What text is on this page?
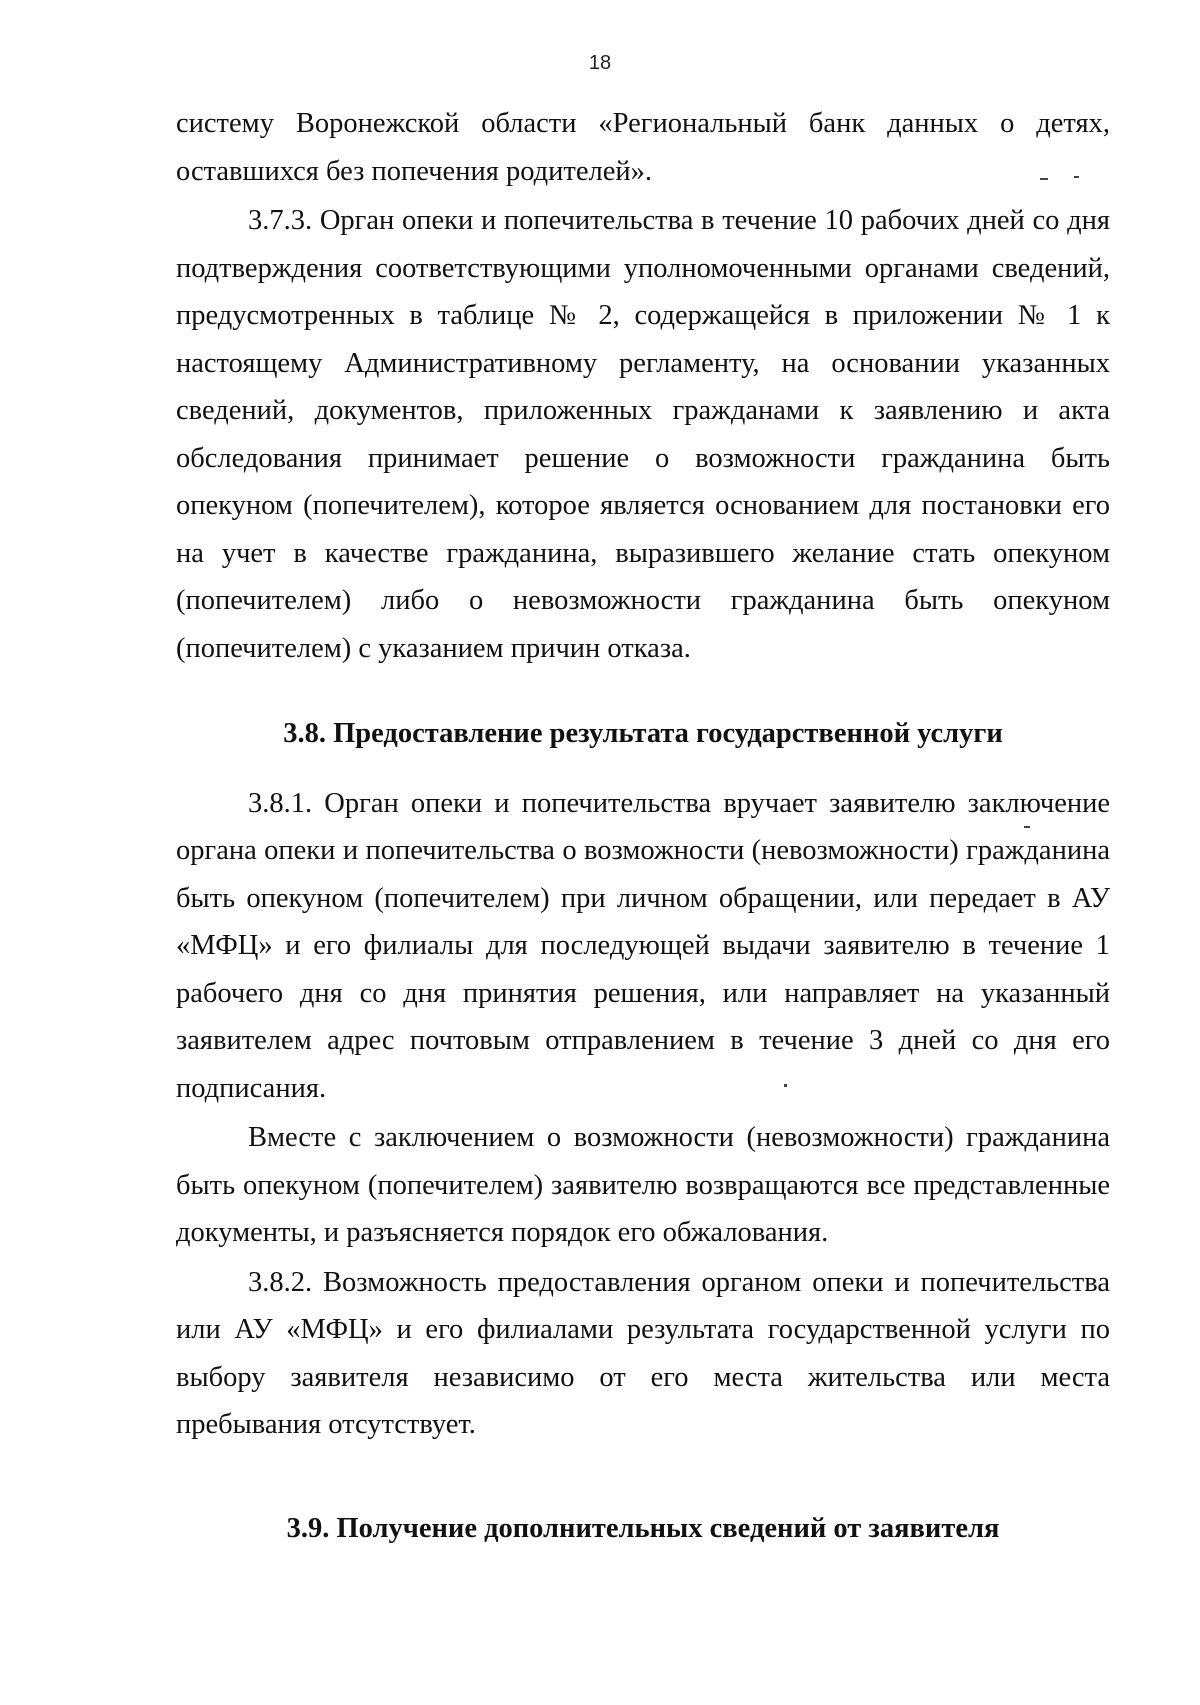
18

систему Воронежской области «Региональный банк данных о детях, оставшихся без попечения родителей».

3.7.3. Орган опеки и попечительства в течение 10 рабочих дней со дня подтверждения соответствующими уполномоченными органами сведений, предусмотренных в таблице № 2, содержащейся в приложении № 1 к настоящему Административному регламенту, на основании указанных сведений, документов, приложенных гражданами к заявлению и акта обследования принимает решение о возможности гражданина быть опекуном (попечителем), которое является основанием для постановки его на учет в качестве гражданина, выразившего желание стать опекуном (попечителем) либо о невозможности гражданина быть опекуном (попечителем) с указанием причин отказа.

3.8. Предоставление результата государственной услуги

3.8.1. Орган опеки и попечительства вручает заявителю заключение органа опеки и попечительства о возможности (невозможности) гражданина быть опекуном (попечителем) при личном обращении, или передает в АУ «МФЦ» и его филиалы для последующей выдачи заявителю в течение 1 рабочего дня со дня принятия решения, или направляет на указанный заявителем адрес почтовым отправлением в течение 3 дней со дня его подписания.

Вместе с заключением о возможности (невозможности) гражданина быть опекуном (попечителем) заявителю возвращаются все представленные документы, и разъясняется порядок его обжалования.

3.8.2. Возможность предоставления органом опеки и попечительства или АУ «МФЦ» и его филиалами результата государственной услуги по выбору заявителя независимо от его места жительства или места пребывания отсутствует.

3.9. Получение дополнительных сведений от заявителя
